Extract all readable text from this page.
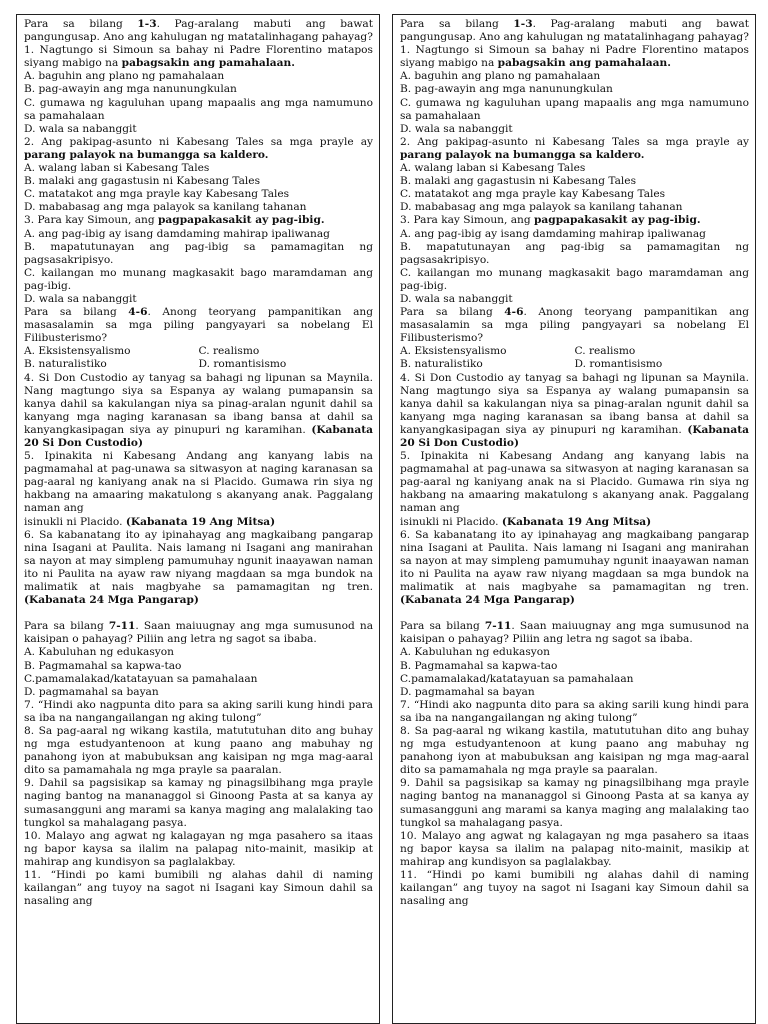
Para sa bilang 1-3. Pag-aralang mabuti ang bawat pangungusap. Ano ang kahulugan ng matatalinhagang pahayag?

1. Nagtungo si Simoun sa bahay ni Padre Florentino matapos siyang mabigo na pabagsakin ang pamahalaan.

A. baguhin ang plano ng pamahalaan

B. pag-awayin ang mga nanunungkulan

C. gumawa ng kaguluhan upang mapaalis ang mga namumuno sa pamahalaan

D. wala sa nabanggit

2. Ang pakipag-asunto ni Kabesang Tales sa mga prayle ay parang palayok na bumangga sa kaldero.

A. walang laban si Kabesang Tales

B. malaki ang gagastusin ni Kabesang Tales

C. matatakot ang mga prayle kay Kabesang Tales

D. mababasag ang mga palayok sa kanilang tahanan

3. Para kay Simoun, ang pagpapakasakit ay pag-ibig.

A. ang pag-ibig ay isang damdaming mahirap ipaliwanag

B. mapatutunayan ang pag-ibig sa pamamagitan ng pagsasakripisyo.

C. kailangan mo munang magkasakit bago maramdaman ang pag-ibig.

D. wala sa nabanggit

Para sa bilang 4-6. Anong teoryang pampanitikan ang masasalamin sa mga piling pangyayari sa nobelang El Filibusterismo?

A. Eksistensyalismo	C. realismo
B. naturalistiko	D. romantisismo

4. Si Don Custodio ay tanyag sa bahagi ng lipunan sa Maynila. Nang magtungo siya sa Espanya ay walang pumapansin sa kanya dahil sa kakulangan niya sa pinag-aralan ngunit dahil sa kanyang mga naging karanasan sa ibang bansa at dahil sa kanyangkasipagan siya ay pinupuri ng karamihan. (Kabanata 20 Si Don Custodio)

5. Ipinakita ni Kabesang Andang ang kanyang labis na pagmamahal at pag-unawa sa sitwasyon at naging karanasan sa pag-aaral ng kaniyang anak na si Placido. Gumawa rin siya ng hakbang na amaaring makatulong s akanyang anak. Paggalang naman ang

isinukli ni Placido. (Kabanata 19 Ang Mitsa)

6. Sa kabanatang ito ay ipinahayag ang magkaibang pangarap nina Isagani at Paulita. Nais lamang ni Isagani ang manirahan sa nayon at may simpleng pamumuhay ngunit inaayawan naman ito ni Paulita na ayaw raw niyang magdaan sa mga bundok na malimatik at nais magbyahe sa pamamagitan ng tren. (Kabanata 24 Mga Pangarap)

Para sa bilang 7-11. Saan maiuugnay ang mga sumusunod na kaisipan o pahayag? Piliin ang letra ng sagot sa ibaba.

A. Kabuluhan ng edukasyon

B. Pagmamahal sa kapwa-tao

C.pamamalakad/katatayuan sa pamahalaan

D. pagmamahal sa bayan

7. “Hindi ako nagpunta dito para sa aking sarili kung hindi para sa iba na nangangailangan ng aking tulong”

8. Sa pag-aaral ng wikang kastila, matututuhan dito ang buhay ng mga estudyantenoon at kung paano ang mabuhay ng panahong iyon at mabubuksan ang kaisipan ng mga mag-aaral dito sa pamamahala ng mga prayle sa paaralan.

9. Dahil sa pagsisikap sa kamay ng pinagsilbihang mga prayle naging bantog na mananaggol si Ginoong Pasta at sa kanya ay sumasangguni ang marami sa kanya maging ang malalaking tao tungkol sa mahalagang pasya.

10. Malayo ang agwat ng kalagayan ng mga pasahero sa itaas ng bapor kaysa sa ilalim na palapag nito-mainit, masikip at mahirap ang kundisyon sa paglalakbay.

11. “Hindi po kami bumibili ng alahas dahil di naming kailangan” ang tuyoy na sagot ni Isagani kay Simoun dahil sa nasaling ang

Para sa bilang 1-3. Pag-aralang mabuti ang bawat pangungusap. Ano ang kahulugan ng matatalinhagang pahayag?

1. Nagtungo si Simoun sa bahay ni Padre Florentino matapos siyang mabigo na pabagsakin ang pamahalaan.

A. baguhin ang plano ng pamahalaan

B. pag-awayin ang mga nanunungkulan

C. gumawa ng kaguluhan upang mapaalis ang mga namumuno sa pamahalaan

D. wala sa nabanggit

2. Ang pakipag-asunto ni Kabesang Tales sa mga prayle ay parang palayok na bumangga sa kaldero.

A. walang laban si Kabesang Tales

B. malaki ang gagastusin ni Kabesang Tales

C. matatakot ang mga prayle kay Kabesang Tales

D. mababasag ang mga palayok sa kanilang tahanan

3. Para kay Simoun, ang pagpapakasakit ay pag-ibig.

A. ang pag-ibig ay isang damdaming mahirap ipaliwanag

B. mapatutunayan ang pag-ibig sa pamamagitan ng pagsasakripisyo.

C. kailangan mo munang magkasakit bago maramdaman ang pag-ibig.

D. wala sa nabanggit

Para sa bilang 4-6. Anong teoryang pampanitikan ang masasalamin sa mga piling pangyayari sa nobelang El Filibusterismo?

A. Eksistensyalismo	C. realismo
B. naturalistiko	D. romantisismo

4. Si Don Custodio ay tanyag sa bahagi ng lipunan sa Maynila. Nang magtungo siya sa Espanya ay walang pumapansin sa kanya dahil sa kakulangan niya sa pinag-aralan ngunit dahil sa kanyang mga naging karanasan sa ibang bansa at dahil sa kanyangkasipagan siya ay pinupuri ng karamihan. (Kabanata 20 Si Don Custodio)

5. Ipinakita ni Kabesang Andang ang kanyang labis na pagmamahal at pag-unawa sa sitwasyon at naging karanasan sa pag-aaral ng kaniyang anak na si Placido. Gumawa rin siya ng hakbang na amaaring makatulong s akanyang anak. Paggalang naman ang

isinukli ni Placido. (Kabanata 19 Ang Mitsa)

6. Sa kabanatang ito ay ipinahayag ang magkaibang pangarap nina Isagani at Paulita. Nais lamang ni Isagani ang manirahan sa nayon at may simpleng pamumuhay ngunit inaayawan naman ito ni Paulita na ayaw raw niyang magdaan sa mga bundok na malimatik at nais magbyahe sa pamamagitan ng tren. (Kabanata 24 Mga Pangarap)

Para sa bilang 7-11. Saan maiuugnay ang mga sumusunod na kaisipan o pahayag? Piliin ang letra ng sagot sa ibaba.

A. Kabuluhan ng edukasyon

B. Pagmamahal sa kapwa-tao

C.pamamalakad/katatayuan sa pamahalaan

D. pagmamahal sa bayan

7. “Hindi ako nagpunta dito para sa aking sarili kung hindi para sa iba na nangangailangan ng aking tulong”

8. Sa pag-aaral ng wikang kastila, matututuhan dito ang buhay ng mga estudyantenoon at kung paano ang mabuhay ng panahong iyon at mabubuksan ang kaisipan ng mga mag-aaral dito sa pamamahala ng mga prayle sa paaralan.

9. Dahil sa pagsisikap sa kamay ng pinagsilbihang mga prayle naging bantog na mananaggol si Ginoong Pasta at sa kanya ay sumasangguni ang marami sa kanya maging ang malalaking tao tungkol sa mahalagang pasya.

10. Malayo ang agwat ng kalagayan ng mga pasahero sa itaas ng bapor kaysa sa ilalim na palapag nito-mainit, masikip at mahirap ang kundisyon sa paglalakbay.

11. “Hindi po kami bumibili ng alahas dahil di naming kailangan” ang tuyoy na sagot ni Isagani kay Simoun dahil sa nasaling ang
